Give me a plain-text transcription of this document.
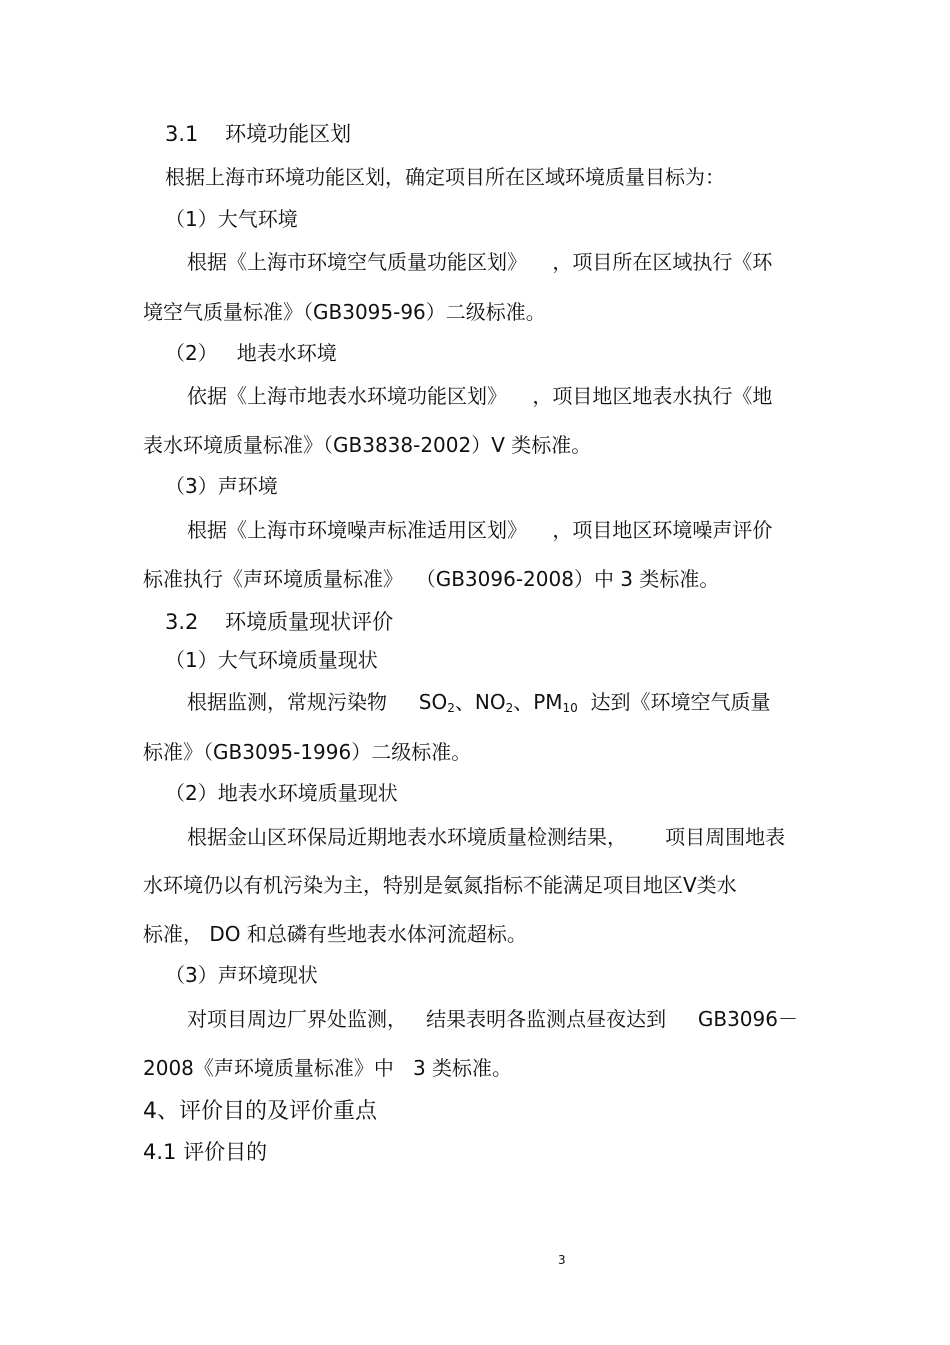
3.1    环境功能区划
根据上海市环境功能区划，确定项目所在区域环境质量目标为：
（1）大气环境
根据《上海市环境空气质量功能区划》    ，项目所在区域执行《环
境空气质量标准》（GB3095-96）二级标准。
（2）   地表水环境
依据《上海市地表水环境功能区划》    ，项目地区地表水执行《地
表水环境质量标准》（GB3838-2002）V 类标准。
（3）声环境
根据《上海市环境噪声标准适用区划》    ，项目地区环境噪声评价
标准执行《声环境质量标准》  （GB3096-2008）中 3 类标准。
3.2    环境质量现状评价
（1）大气环境质量现状
根据监测，常规污染物     $SO_2$、$NO_2$、$PM_{10}$  达到《环境空气质量
标准》（GB3095-1996）二级标准。
（2）地表水环境质量现状
根据金山区环保局近期地表水环境质量检测结果，      项目周围地表
水环境仍以有机污染为主，特别是氨氮指标不能满足项目地区Ⅴ类水
标准， DO 和总磷有些地表水体河流超标。
（3）声环境现状
对项目周边厂界处监测，   结果表明各监测点昼夜达到     GB3096－
2008《声环境质量标准》中   3 类标准。
4、评价目的及评价重点
4.1 评价目的
3
